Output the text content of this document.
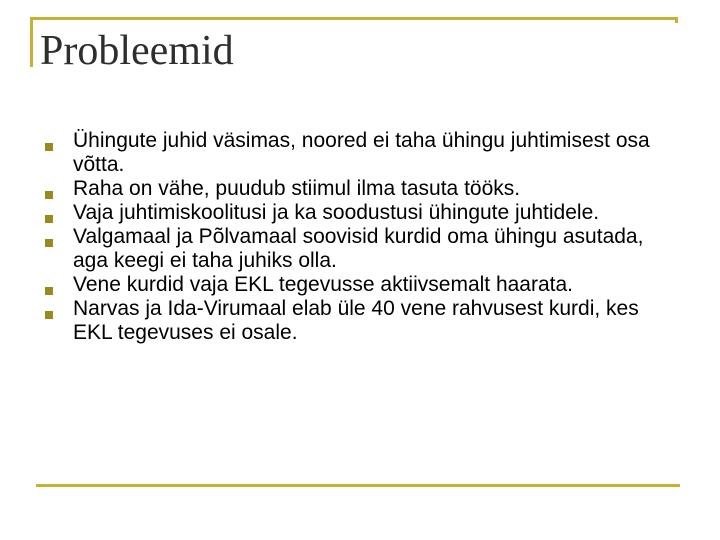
Probleemid
Ühingute juhid väsimas, noored ei taha ühingu juhtimisest osa võtta.
Raha on vähe, puudub stiimul ilma tasuta tööks.
Vaja juhtimiskoolitusi ja ka soodustusi ühingute juhtidele.
Valgamaal ja Põlvamaal soovisid kurdid oma ühingu asutada, aga keegi ei taha juhiks olla.
Vene kurdid vaja EKL tegevusse aktiivsemalt haarata.
Narvas ja Ida-Virumaal elab üle 40 vene rahvusest kurdi, kes EKL tegevuses ei osale.
